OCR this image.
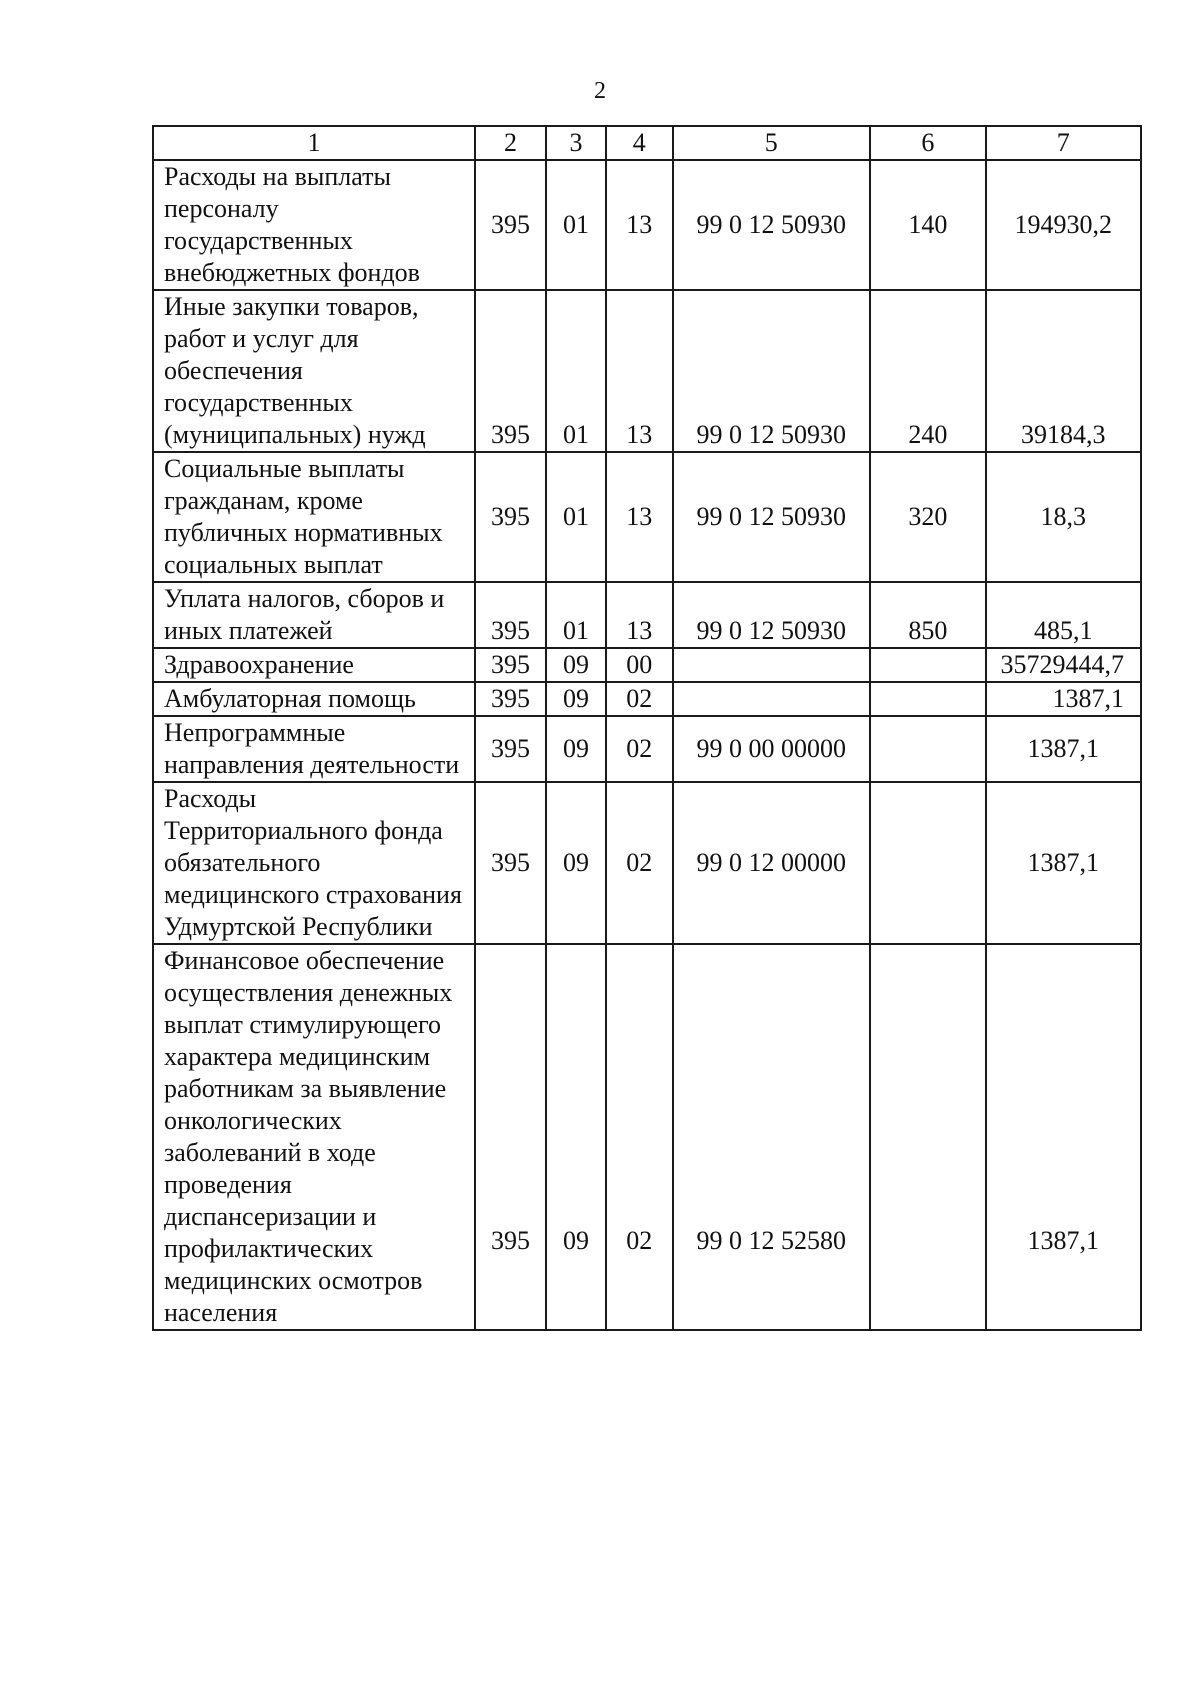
2
1	2	3	4	5	6	7
Расходы на выплаты персоналу государственных внебюджетных фондов	395	01	13	99 0 12 50930	140	194930,2
Иные закупки товаров, работ и услуг для обеспечения государственных (муниципальных) нужд	395	01	13	99 0 12 50930	240	39184,3
Социальные выплаты гражданам, кроме публичных нормативных социальных выплат	395	01	13	99 0 12 50930	320	18,3
Уплата налогов, сборов и иных платежей	395	01	13	99 0 12 50930	850	485,1
Здравоохранение	395	09	00			35729444,7
Амбулаторная помощь	395	09	02			1387,1
Непрограммные направления деятельности	395	09	02	99 0 00 00000		1387,1
Расходы Территориального фонда обязательного медицинского страхования Удмуртской Республики	395	09	02	99 0 12 00000		1387,1
Финансовое обеспечение осуществления денежных выплат стимулирующего характера медицинским работникам за выявление онкологических заболеваний в ходе проведения диспансеризации и профилактических медицинских осмотров населения	395	09	02	99 0 12 52580		1387,1
